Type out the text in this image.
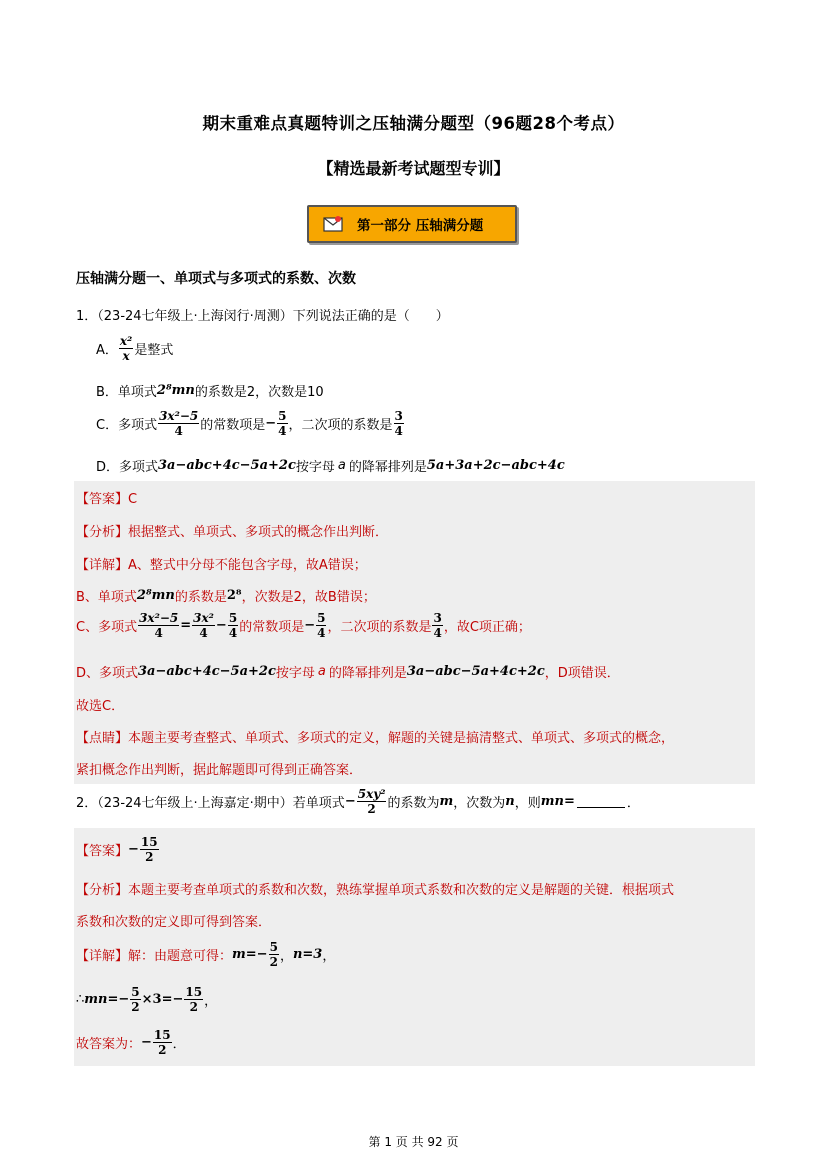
期末重难点真题特训之压轴满分题型（96题28个考点）
【精选最新考试题型专训】
第一部分 压轴满分题
压轴满分题一、单项式与多项式的系数、次数
1．（23-24七年级上·上海闵行·周测）下列说法正确的是（　　）
A． $\frac{\text{x²}}{x}$ 是整式
B．单项式 2⁸mn 的系数是2，次数是10
C．多项式 $\frac{\text{3x²−5}}{4}$ 的常数项是 − $\frac{5}{4}$ ，二次项的系数是 $\frac{3}{4}$
D．多项式 3a−abc+4c−5a+2c 按字母 a 的降幂排列是 5a+3a+2c−abc+4c
【答案】C
【分析】根据整式、单项式、多项式的概念作出判断．
【详解】A、整式中分母不能包含字母，故A错误；
B、单项式 2⁸mn 的系数是 2⁸ ，次数是2，故B错误；
C、多项式 $\frac{\text{3x²−5}}{4} = \frac{\text{3x²}}{4} - \frac{5}{4}$ 的常数项是 − $\frac{5}{4}$ ，二次项的系数是 $\frac{3}{4}$ ，故C项正确；
D、多项式 3a−abc+4c−5a+2c 按字母 a 的降幂排列是 3a−abc−5a+4c+2c ，D项错误．
故选C．
【点睛】本题主要考查整式、单项式、多项式的定义，解题的关键是搞清整式、单项式、多项式的概念，
紧扣概念作出判断，据此解题即可得到正确答案．
2．（23-24七年级上·上海嘉定·期中）若单项式 − $\frac{\text{5xy²}}{2}$ 的系数为 m ，次数为 n ，则 mn =	．
【答案】 − $\frac{15}{2}$
【分析】本题主要考查单项式的系数和次数，熟练掌握单项式系数和次数的定义是解题的关键．根据项式
系数和次数的定义即可得到答案．
【详解】解：由题意可得： $m =- \frac{5}{2}$ ， n=3 ，
∴ mn =− $\frac{5}{2} \times 3=- \frac{15}{2}$ ，
故答案为： − $\frac{15}{2}$ ．
第 1 页 共 92 页
